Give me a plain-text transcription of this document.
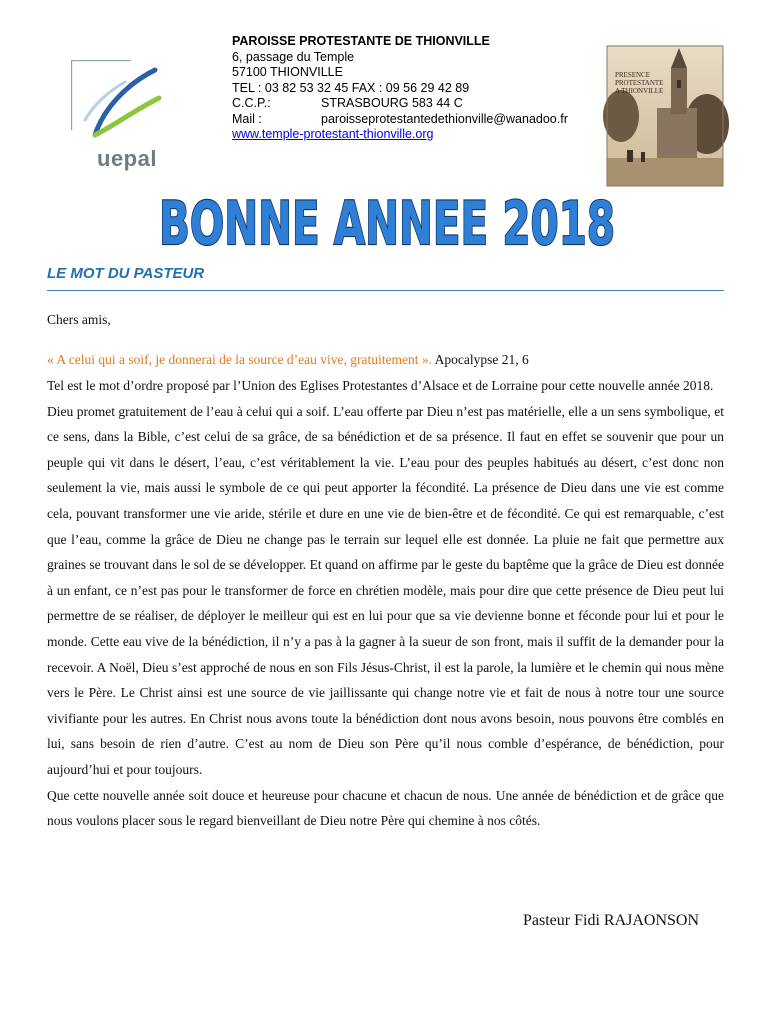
uepal
PAROISSE PROTESTANTE DE THIONVILLE
6, passage du Temple
57100 THIONVILLE
TEL : 03 82 53 32 45 FAX : 09 56 29 42 89
C.C.P.:	STRASBOURG 583 44 C
Mail :	paroisseprotestantedethionville@wanadoo.fr
www.temple-protestant-thionville.org
PRESENCE
PROTESTANTE
A THIONVILLE
BONNE ANNEE 2018
LE MOT DU PASTEUR

Chers amis,

« A celui qui a soif, je donnerai de la source d’eau vive, gratuitement ». Apocalypse 21, 6

Tel est le mot d’ordre proposé par l’Union des Eglises Protestantes d’Alsace et de Lorraine pour cette nouvelle année 2018.

Dieu promet gratuitement de l’eau à celui qui a soif. L’eau offerte par Dieu n’est pas matérielle, elle a un sens symbolique, et ce sens, dans la Bible, c’est celui de sa grâce, de sa bénédiction et de sa présence. Il faut en effet se souvenir que pour un peuple qui vit dans le désert, l’eau, c’est véritablement la vie. L’eau pour des peuples habitués au désert, c’est donc non seulement la vie, mais aussi le symbole de ce qui peut apporter la fécondité. La présence de Dieu dans une vie est comme cela, pouvant transformer une vie aride, stérile et dure en une vie de bien-être et de fécondité. Ce qui est remarquable, c’est que l’eau, comme la grâce de Dieu ne change pas le terrain sur lequel elle est donnée. La pluie ne fait que permettre aux graines se trouvant dans le sol de se développer. Et quand on affirme par le geste du baptême que la grâce de Dieu est donnée à un enfant, ce n’est pas pour le transformer de force en chrétien modèle, mais pour dire que cette présence de Dieu peut lui permettre de se réaliser, de déployer le meilleur qui est en lui pour que sa vie devienne bonne et féconde pour lui et pour le monde. Cette eau vive de la bénédiction, il n’y a pas à la gagner à la sueur de son front, mais il suffit de la demander pour la recevoir. A Noël, Dieu s’est approché de nous en son Fils Jésus-Christ, il est la parole, la lumière et le chemin qui nous mène vers le Père. Le Christ ainsi est une source de vie jaillissante qui change notre vie et fait de nous à notre tour une source vivifiante pour les autres. En Christ nous avons toute la bénédiction dont nous avons besoin, nous pouvons être comblés en lui, sans besoin de rien d’autre. C’est au nom de Dieu son Père qu’il nous comble d’espérance, de bénédiction, pour aujourd’hui et pour toujours.

Que cette nouvelle année soit douce et heureuse pour chacune et chacun de nous. Une année de bénédiction et de grâce que nous voulons placer sous le regard bienveillant de Dieu notre Père qui chemine à nos côtés.

Pasteur Fidi RAJAONSON
